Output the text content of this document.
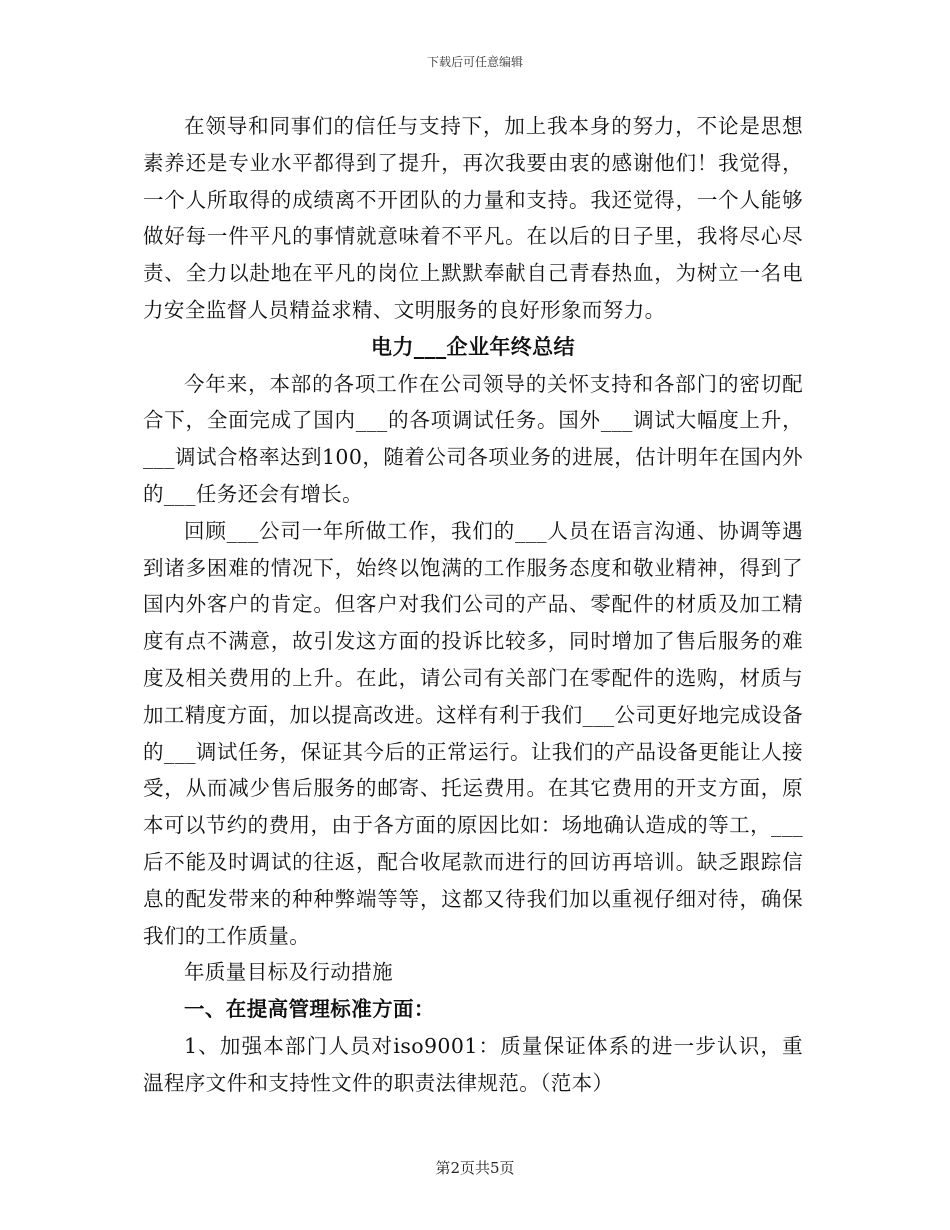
下载后可任意编辑

在领导和同事们的信任与支持下，加上我本身的努力，不论是思想素养还是专业水平都得到了提升，再次我要由衷的感谢他们！我觉得，一个人所取得的成绩离不开团队的力量和支持。我还觉得，一个人能够做好每一件平凡的事情就意味着不平凡。在以后的日子里，我将尽心尽责、全力以赴地在平凡的岗位上默默奉献自己青春热血，为树立一名电力安全监督人员精益求精、文明服务的良好形象而努力。

电力___企业年终总结

今年来，本部的各项工作在公司领导的关怀支持和各部门的密切配合下，全面完成了国内___的各项调试任务。国外___调试大幅度上升，___调试合格率达到100，随着公司各项业务的进展，估计明年在国内外的___任务还会有增长。

回顾___公司一年所做工作，我们的___人员在语言沟通、协调等遇到诸多困难的情况下，始终以饱满的工作服务态度和敬业精神，得到了国内外客户的肯定。但客户对我们公司的产品、零配件的材质及加工精度有点不满意，故引发这方面的投诉比较多，同时增加了售后服务的难度及相关费用的上升。在此，请公司有关部门在零配件的选购，材质与加工精度方面，加以提高改进。这样有利于我们___公司更好地完成设备的___调试任务，保证其今后的正常运行。让我们的产品设备更能让人接受，从而减少售后服务的邮寄、托运费用。在其它费用的开支方面，原本可以节约的费用，由于各方面的原因比如：场地确认造成的等工，___后不能及时调试的往返，配合收尾款而进行的回访再培训。缺乏跟踪信息的配发带来的种种弊端等等，这都又待我们加以重视仔细对待，确保我们的工作质量。

年质量目标及行动措施

一、在提高管理标准方面：

1、加强本部门人员对iso9001：质量保证体系的进一步认识，重温程序文件和支持性文件的职责法律规范。（范本）

第2页共5页
